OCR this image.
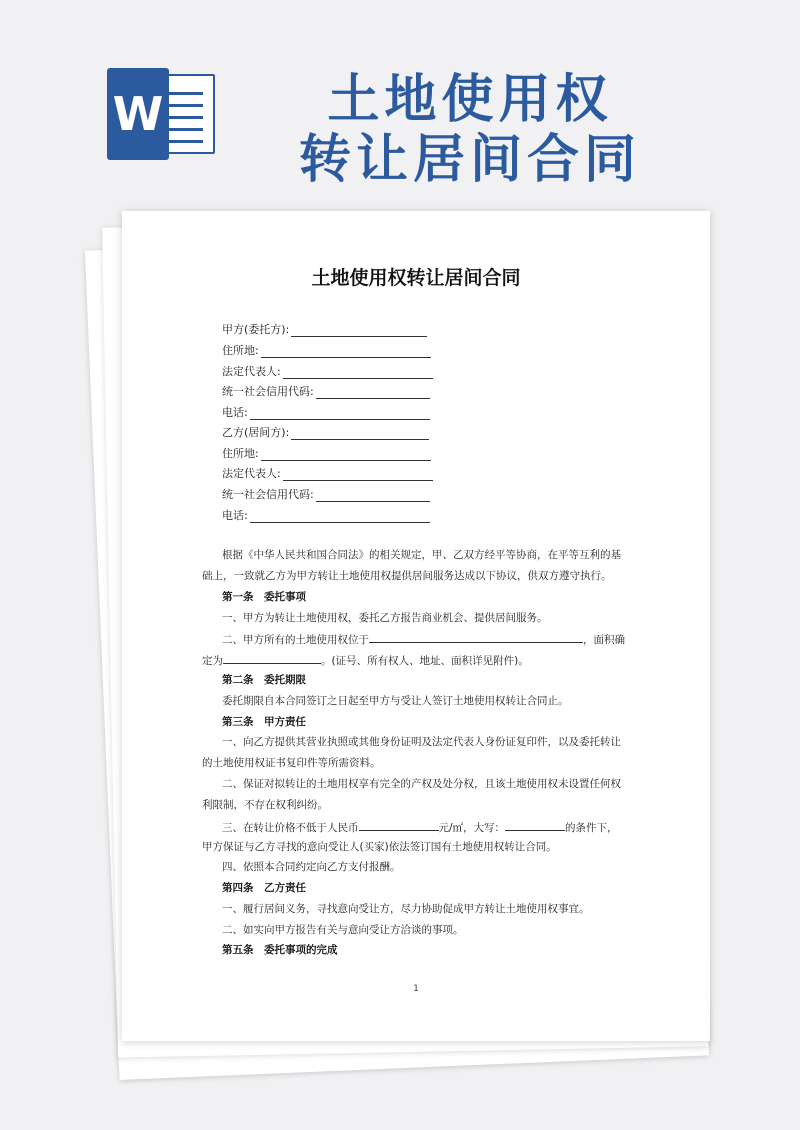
W	土地使用权
转让居间合同
土地使用权转让居间合同
甲方(委托方):
住所地:
法定代表人:
统一社会信用代码:
电话:
乙方(居间方):
住所地:
法定代表人:
统一社会信用代码:
电话:
根据《中华人民共和国合同法》的相关规定，甲、乙双方经平等协商，在平等互利的基
础上，一致就乙方为甲方转让土地使用权提供居间服务达成以下协议，供双方遵守执行。
第一条　委托事项
一、甲方为转让土地使用权，委托乙方报告商业机会、提供居间服务。
二、甲方所有的土地使用权位于	，面积确
定为	。(证号、所有权人、地址、面积详见附件)。
第二条　委托期限
委托期限自本合同签订之日起至甲方与受让人签订土地使用权转让合同止。
第三条　甲方责任
一、向乙方提供其营业执照或其他身份证明及法定代表人身份证复印件，以及委托转让
的土地使用权证书复印件等所需资料。
二、保证对拟转让的土地用权享有完全的产权及处分权，且该土地使用权未设置任何权
利限制，不存在权利纠纷。
三、在转让价格不低于人民币	元/㎡，大写：	的条件下，
甲方保证与乙方寻找的意向受让人(买家)依法签订国有土地使用权转让合同。
四、依照本合同约定向乙方支付报酬。
第四条　乙方责任
一、履行居间义务，寻找意向受让方，尽力协助促成甲方转让土地使用权事宜。
二、如实向甲方报告有关与意向受让方洽谈的事项。
第五条　委托事项的完成
1
